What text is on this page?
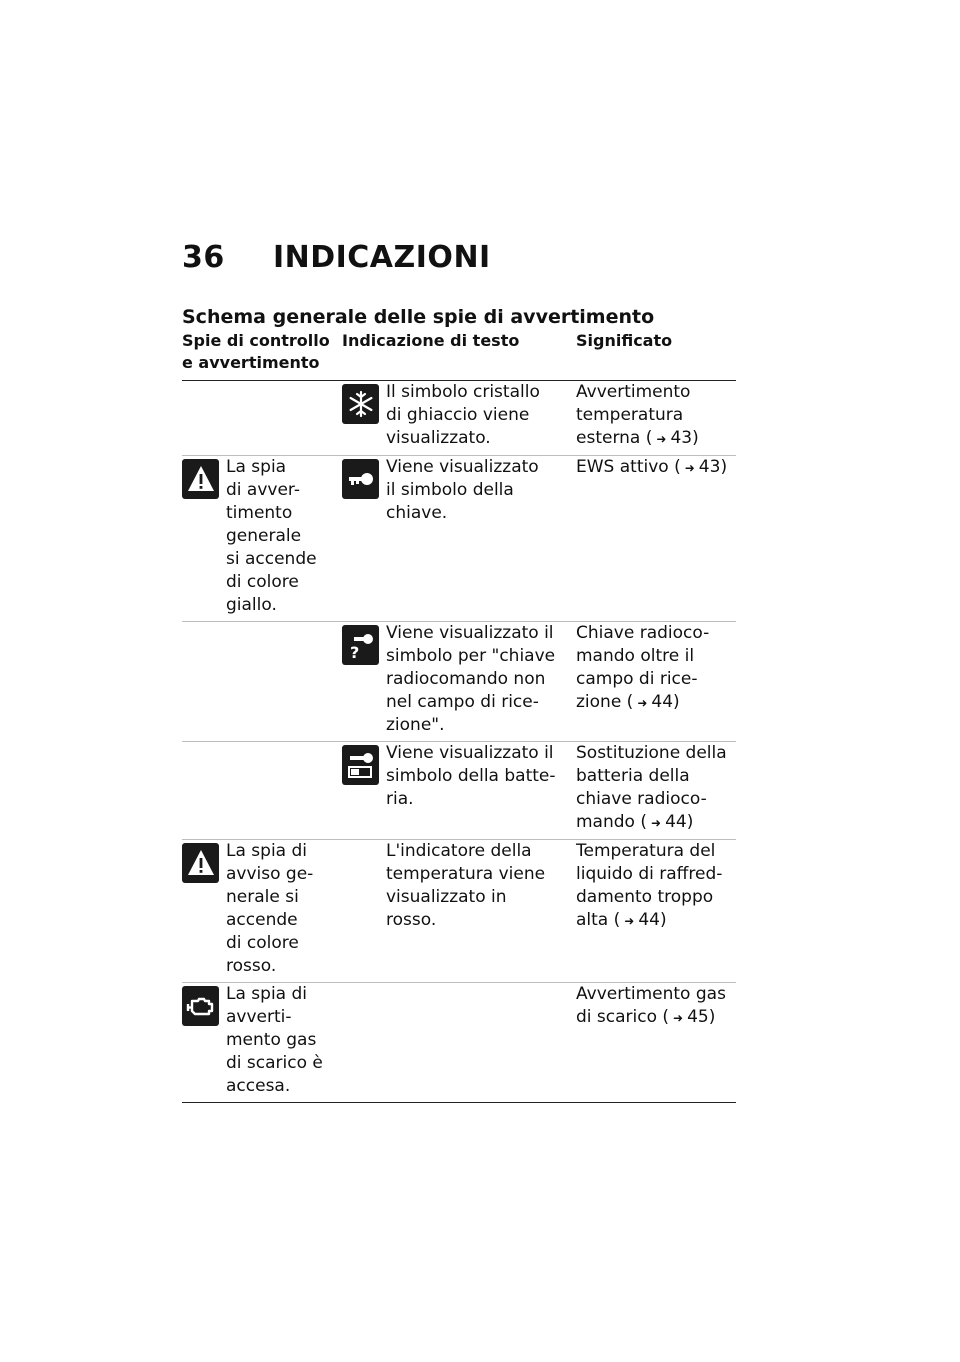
36 INDICAZIONI
Schema generale delle spie di avvertimento
Spie di controllo
e avvertimento
Indicazione di testo	Significato
Il simbolo cristallo
di ghiaccio viene
visualizzato.
Avvertimento
temperatura
esterna ( ➜ 43)
La spia
di avver-
timento
generale
si accende
di colore
giallo.
Viene visualizzato
il simbolo della
chiave.
EWS attivo ( ➜ 43)
?
Viene visualizzato il
simbolo per "chiave
radiocomando non
nel campo di rice-
zione".
Chiave radioco-
mando oltre il
campo di rice-
zione ( ➜ 44)
Viene visualizzato il
simbolo della batte-
ria.
Sostituzione della
batteria della
chiave radioco-
mando ( ➜ 44)
La spia di
avviso ge-
nerale si
accende
di colore
rosso.
L'indicatore della
temperatura viene
visualizzato in
rosso.
Temperatura del
liquido di raffred-
damento troppo
alta ( ➜ 44)
La spia di
avverti-
mento gas
di scarico è
accesa.
Avvertimento gas
di scarico ( ➜ 45)
